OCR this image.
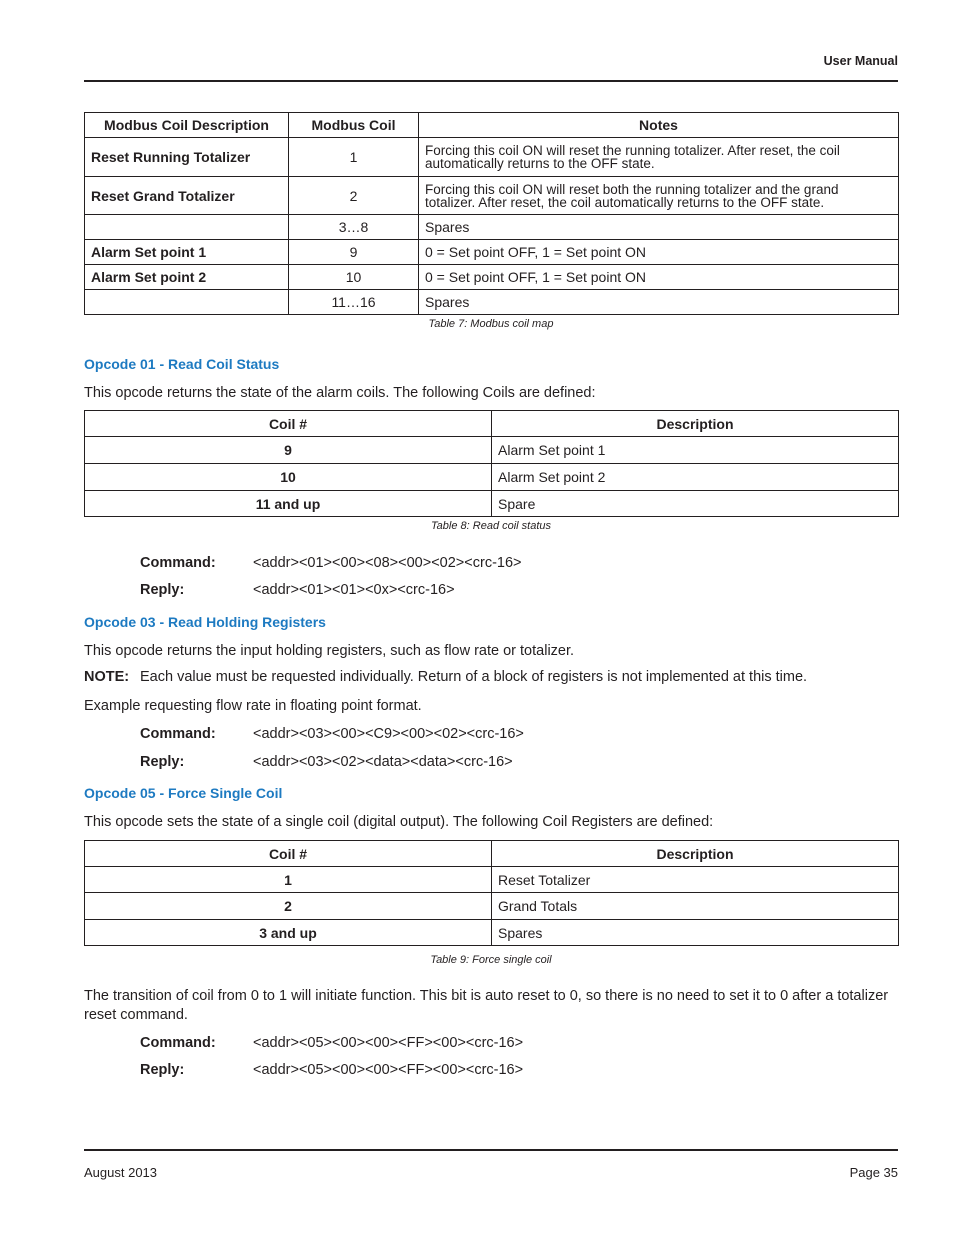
User Manual
Modbus Coil Description	Modbus Coil	Notes
Reset Running Totalizer	1	Forcing this coil ON will reset the running totalizer. After reset, the coil automatically returns to the OFF state.
Reset Grand Totalizer	2	Forcing this coil ON will reset both the running totalizer and the grand totalizer. After reset, the coil automatically returns to the OFF state.
	3…8	Spares
Alarm Set point 1	9	0 = Set point OFF, 1 = Set point ON
Alarm Set point 2	10	0 = Set point OFF, 1 = Set point ON
	11…16	Spares
Table 7: Modbus coil map
Opcode 01 - Read Coil Status
This opcode returns the state of the alarm coils. The following Coils are defined:
Coil #	Description
9	Alarm Set point 1
10	Alarm Set point 2
11 and up	Spare
Table 8: Read coil status
Command:	<addr><01><00><08><00><02><crc-16>
Reply:	<addr><01><01><0x><crc-16>
Opcode 03 - Read Holding Registers
This opcode returns the input holding registers, such as flow rate or totalizer.
NOTE: Each value must be requested individually. Return of a block of registers is not implemented at this time.
Example requesting flow rate in floating point format.
Command:	<addr><03><00><C9><00><02><crc-16>
Reply:	<addr><03><02><data><data><crc-16>
Opcode 05 - Force Single Coil
This opcode sets the state of a single coil (digital output). The following Coil Registers are defined:
Coil #	Description
1	Reset Totalizer
2	Grand Totals
3 and up	Spares
Table 9: Force single coil
The transition of coil from 0 to 1 will initiate function. This bit is auto reset to 0, so there is no need to set it to 0 after a totalizer reset command.
Command:	<addr><05><00><00><FF><00><crc-16>
Reply:	<addr><05><00><00><FF><00><crc-16>
August 2013	Page 35
